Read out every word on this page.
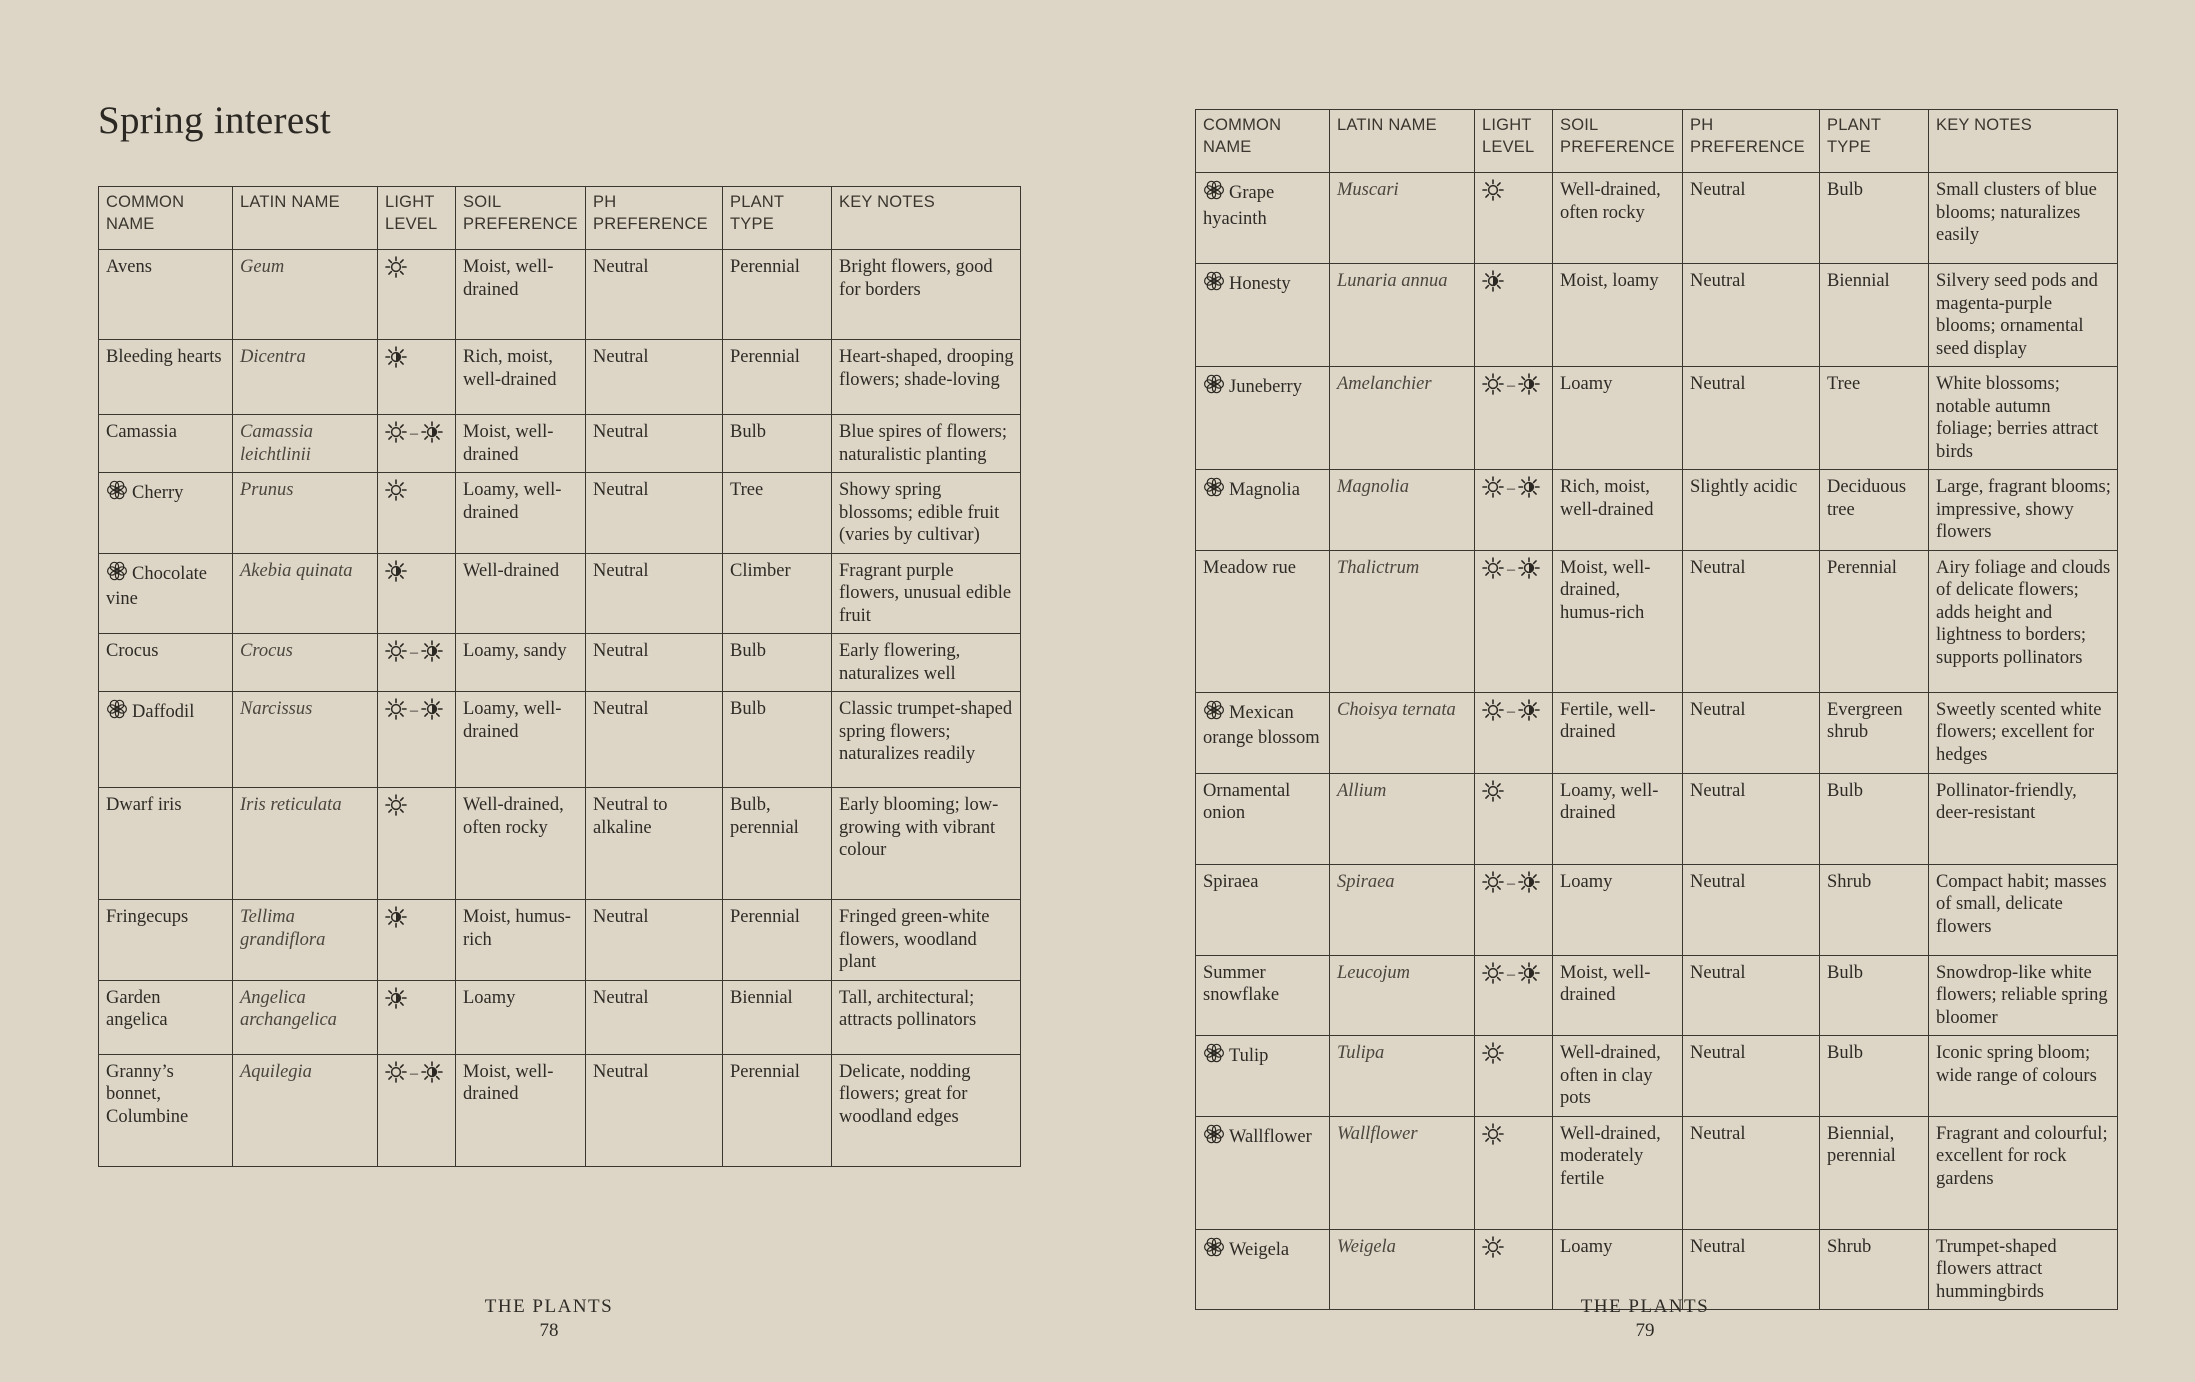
Spring interest
COMMON NAME	LATIN NAME	LIGHT LEVEL	SOIL PREFERENCE	PH PREFERENCE	PLANT TYPE	KEY NOTES
Avens	Geum		Moist, well-drained	Neutral	Perennial	Bright flowers, good for borders
Bleeding hearts	Dicentra		Rich, moist, well-drained	Neutral	Perennial	Heart-shaped, drooping flowers; shade-loving
Camassia	Camassia leichtlinii	–	Moist, well-drained	Neutral	Bulb	Blue spires of flowers; naturalistic planting
Cherry	Prunus		Loamy, well-drained	Neutral	Tree	Showy spring blossoms; edible fruit (varies by cultivar)
Chocolate vine	Akebia quinata		Well-drained	Neutral	Climber	Fragrant purple flowers, unusual edible fruit
Crocus	Crocus	–	Loamy, sandy	Neutral	Bulb	Early flowering, naturalizes well
Daffodil	Narcissus	–	Loamy, well-drained	Neutral	Bulb	Classic trumpet-shaped spring flowers; naturalizes readily
Dwarf iris	Iris reticulata		Well-drained, often rocky	Neutral to alkaline	Bulb, perennial	Early blooming; low-growing with vibrant colour
Fringecups	Tellima grandiflora		Moist, humus-rich	Neutral	Perennial	Fringed green-white flowers, woodland plant
Garden angelica	Angelica archangelica		Loamy	Neutral	Biennial	Tall, architectural; attracts pollinators
Granny’s bonnet, Columbine	Aquilegia	–	Moist, well-drained	Neutral	Perennial	Delicate, nodding flowers; great for woodland edges
THE PLANTS
78
COMMON NAME	LATIN NAME	LIGHT LEVEL	SOIL PREFERENCE	PH PREFERENCE	PLANT TYPE	KEY NOTES
Grape hyacinth	Muscari		Well-drained, often rocky	Neutral	Bulb	Small clusters of blue blooms; naturalizes easily
Honesty	Lunaria annua		Moist, loamy	Neutral	Biennial	Silvery seed pods and magenta-purple blooms; ornamental seed display
Juneberry	Amelanchier	–	Loamy	Neutral	Tree	White blossoms; notable autumn foliage; berries attract birds
Magnolia	Magnolia	–	Rich, moist, well-drained	Slightly acidic	Deciduous tree	Large, fragrant blooms; impressive, showy flowers
Meadow rue	Thalictrum	–	Moist, well-drained, humus-rich	Neutral	Perennial	Airy foliage and clouds of delicate flowers; adds height and lightness to borders; supports pollinators
Mexican orange blossom	Choisya ternata	–	Fertile, well-drained	Neutral	Evergreen shrub	Sweetly scented white flowers; excellent for hedges
Ornamental onion	Allium		Loamy, well-drained	Neutral	Bulb	Pollinator-friendly, deer-resistant
Spiraea	Spiraea	–	Loamy	Neutral	Shrub	Compact habit; masses of small, delicate flowers
Summer snowflake	Leucojum	–	Moist, well-drained	Neutral	Bulb	Snowdrop-like white flowers; reliable spring bloomer
Tulip	Tulipa		Well-drained, often in clay pots	Neutral	Bulb	Iconic spring bloom; wide range of colours
Wallflower	Wallflower		Well-drained, moderately fertile	Neutral	Biennial, perennial	Fragrant and colourful; excellent for rock gardens
Weigela	Weigela		Loamy	Neutral	Shrub	Trumpet-shaped flowers attract hummingbirds
THE PLANTS
79
